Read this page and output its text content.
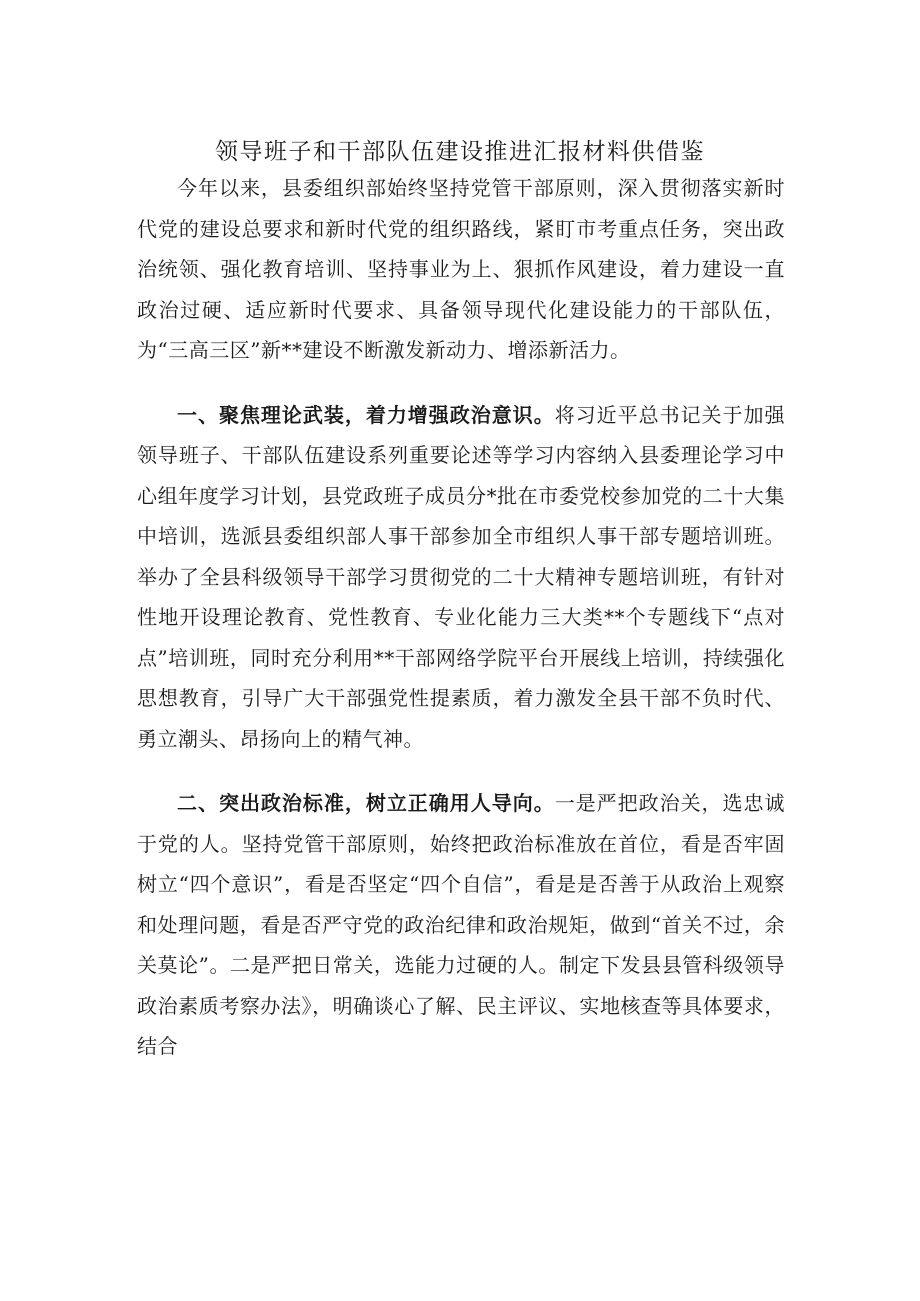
领导班子和干部队伍建设推进汇报材料供借鉴

今年以来，县委组织部始终坚持党管干部原则，深入贯彻落实新时代党的建设总要求和新时代党的组织路线，紧盯市考重点任务，突出政治统领、强化教育培训、坚持事业为上、狠抓作风建设，着力建设一直政治过硬、适应新时代要求、具备领导现代化建设能力的干部队伍，为“三高三区”新**建设不断激发新动力、增添新活力。

一、聚焦理论武装，着力增强政治意识。将习近平总书记关于加强领导班子、干部队伍建设系列重要论述等学习内容纳入县委理论学习中心组年度学习计划，县党政班子成员分*批在市委党校参加党的二十大集中培训，选派县委组织部人事干部参加全市组织人事干部专题培训班。举办了全县科级领导干部学习贯彻党的二十大精神专题培训班，有针对性地开设理论教育、党性教育、专业化能力三大类**个专题线下“点对点”培训班，同时充分利用**干部网络学院平台开展线上培训，持续强化思想教育，引导广大干部强党性提素质，着力激发全县干部不负时代、勇立潮头、昂扬向上的精气神。

二、突出政治标准，树立正确用人导向。一是严把政治关，选忠诚于党的人。坚持党管干部原则，始终把政治标准放在首位，看是否牢固树立“四个意识”，看是否坚定“四个自信”，看是是否善于从政治上观察和处理问题，看是否严守党的政治纪律和政治规矩，做到“首关不过，余关莫论”。二是严把日常关，选能力过硬的人。制定下发县县管科级领导政治素质考察办法》，明确谈心了解、民主评议、实地核查等具体要求，结合
